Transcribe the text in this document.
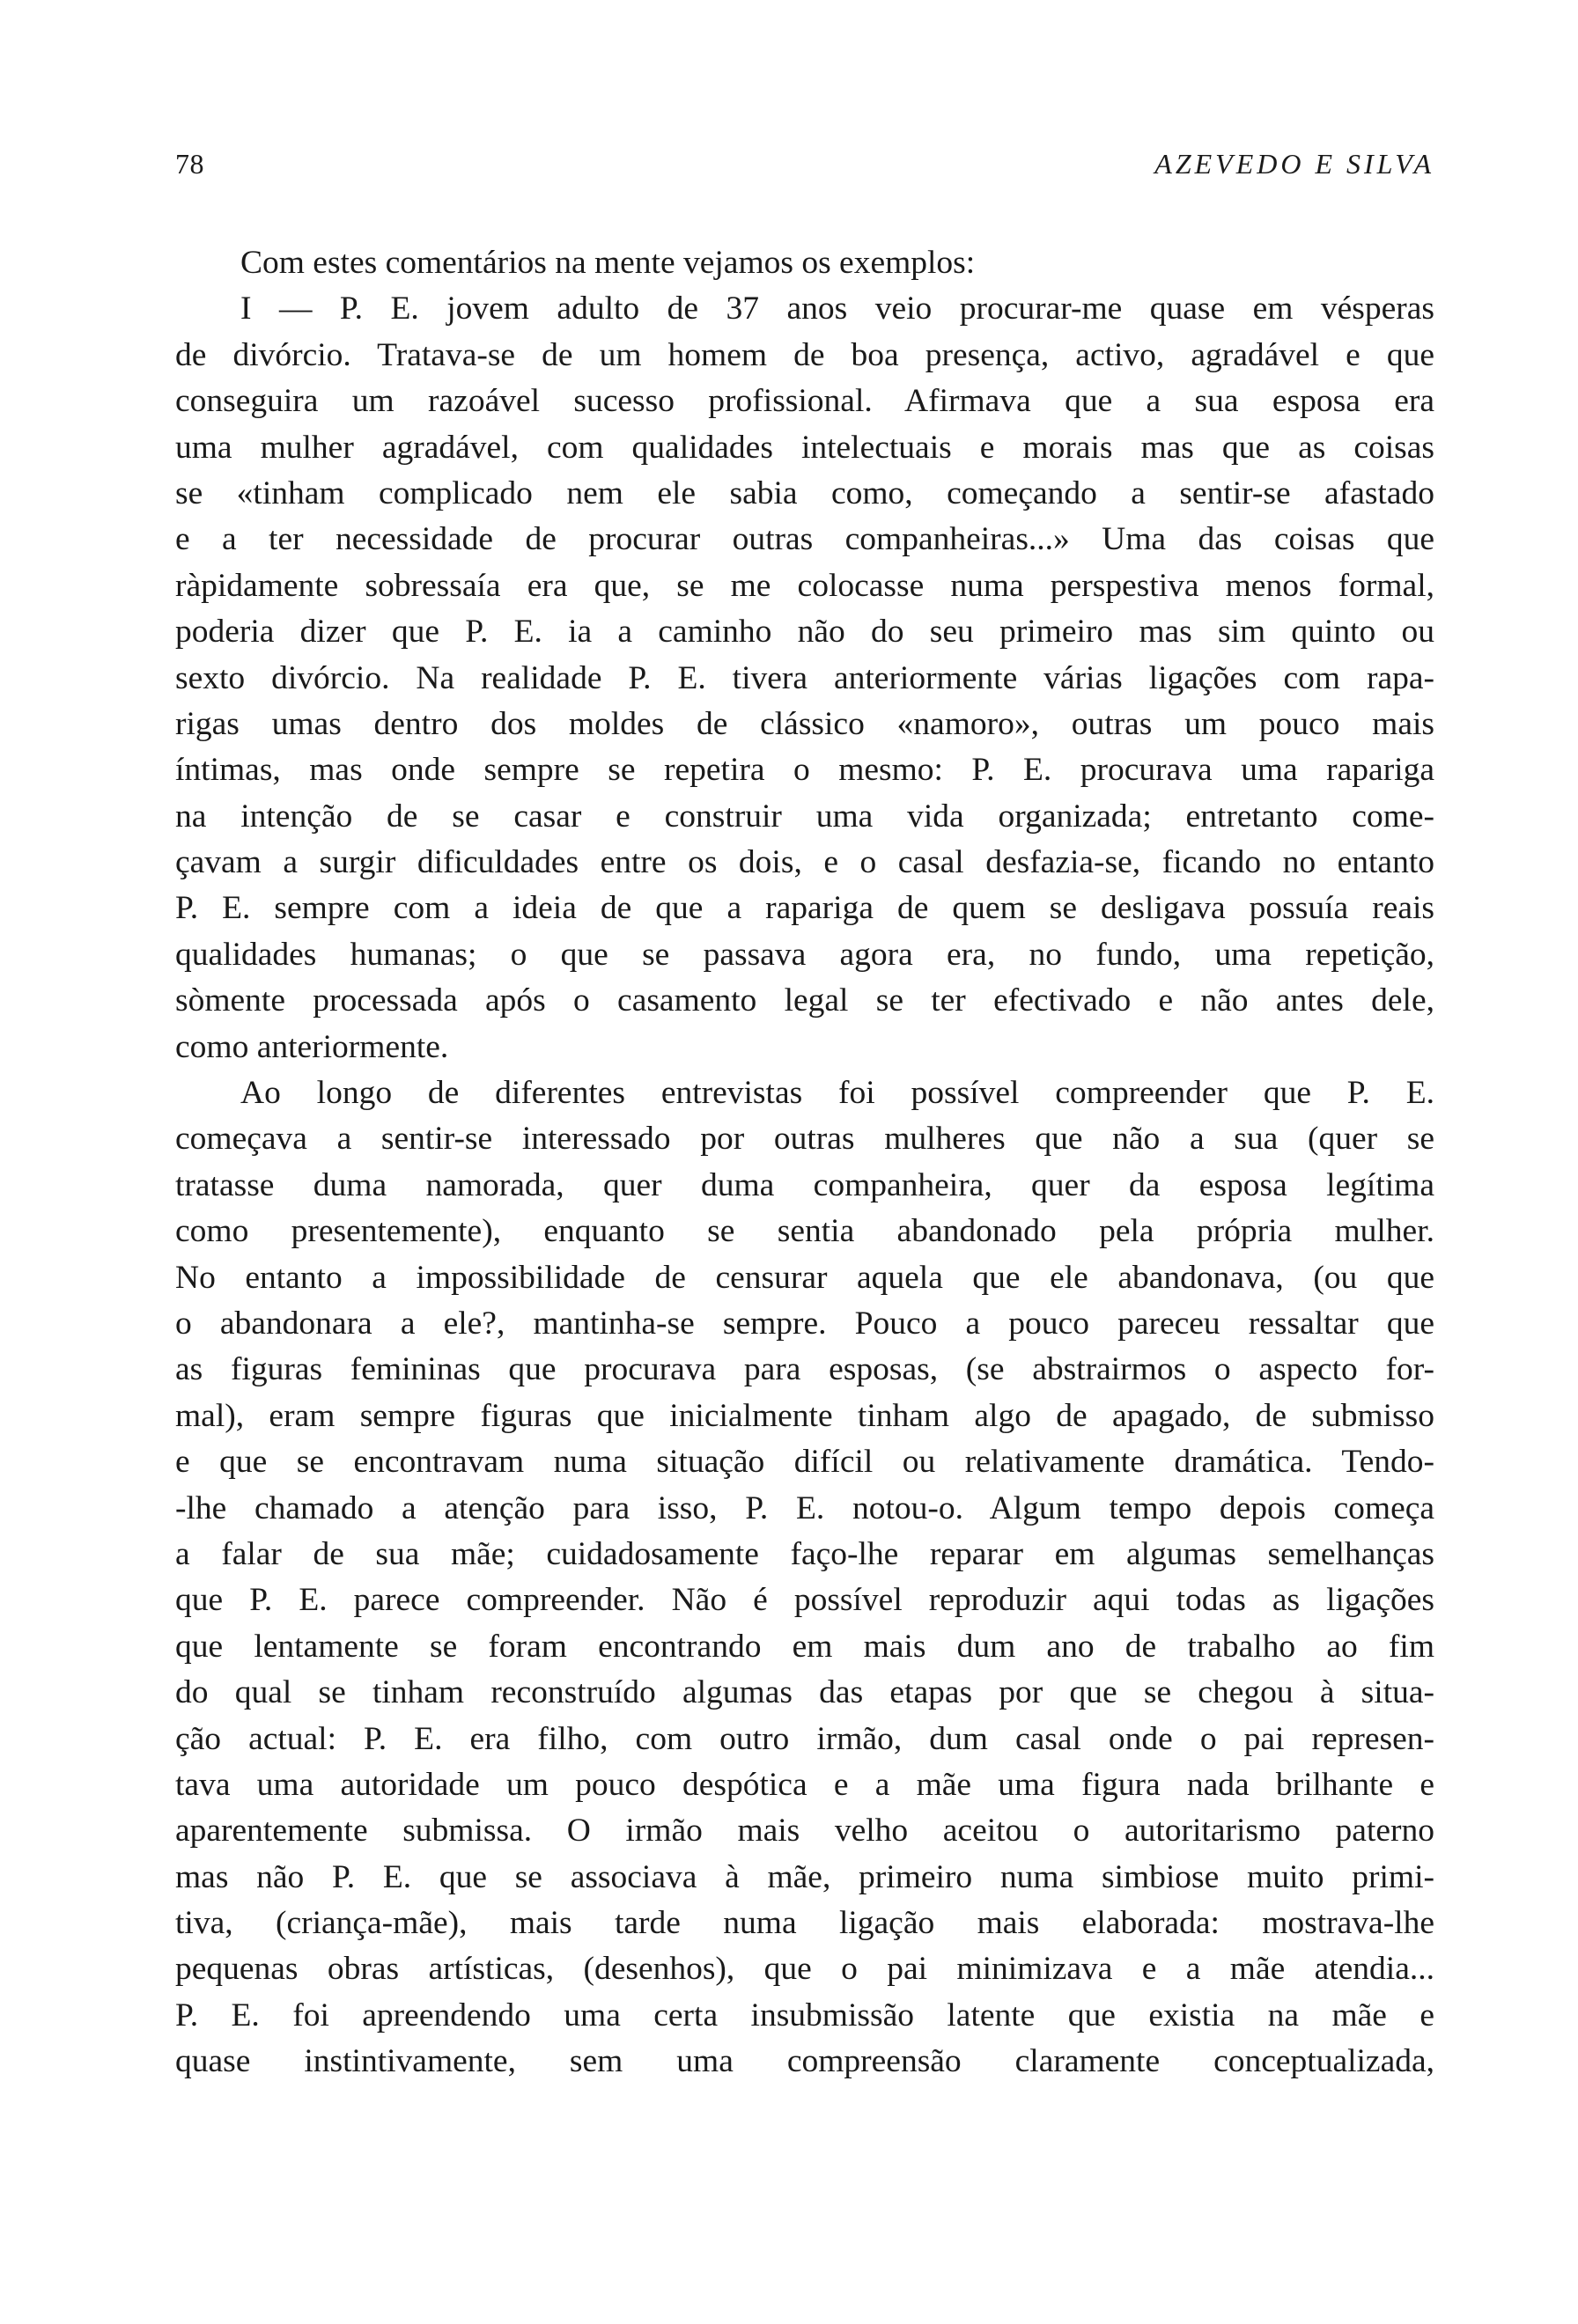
78	AZEVEDO E SILVA
Com estes comentários na mente vejamos os exemplos:
I — P. E. jovem adulto de 37 anos veio procurar-me quase em vésperas
de divórcio. Tratava-se de um homem de boa presença, activo, agradável e que
conseguira um razoável sucesso profissional. Afirmava que a sua esposa era
uma mulher agradável, com qualidades intelectuais e morais mas que as coisas
se «tinham complicado nem ele sabia como, começando a sentir-se afastado
e a ter necessidade de procurar outras companheiras...» Uma das coisas que
ràpidamente sobressaía era que, se me colocasse numa perspestiva menos formal,
poderia dizer que P. E. ia a caminho não do seu primeiro mas sim quinto ou
sexto divórcio. Na realidade P. E. tivera anteriormente várias ligações com rapa-
rigas umas dentro dos moldes de clássico «namoro», outras um pouco mais
íntimas, mas onde sempre se repetira o mesmo: P. E. procurava uma rapariga
na intenção de se casar e construir uma vida organizada; entretanto come-
çavam a surgir dificuldades entre os dois, e o casal desfazia-se, ficando no entanto
P. E. sempre com a ideia de que a rapariga de quem se desligava possuía reais
qualidades humanas; o que se passava agora era, no fundo, uma repetição,
sòmente processada após o casamento legal se ter efectivado e não antes dele,
como anteriormente.
Ao longo de diferentes entrevistas foi possível compreender que P. E.
começava a sentir-se interessado por outras mulheres que não a sua (quer se
tratasse duma namorada, quer duma companheira, quer da esposa legítima
como presentemente), enquanto se sentia abandonado pela própria mulher.
No entanto a impossibilidade de censurar aquela que ele abandonava, (ou que
o abandonara a ele?, mantinha-se sempre. Pouco a pouco pareceu ressaltar que
as figuras femininas que procurava para esposas, (se abstrairmos o aspecto for-
mal), eram sempre figuras que inicialmente tinham algo de apagado, de submisso
e que se encontravam numa situação difícil ou relativamente dramática. Tendo-
-lhe chamado a atenção para isso, P. E. notou-o. Algum tempo depois começa
a falar de sua mãe; cuidadosamente faço-lhe reparar em algumas semelhanças
que P. E. parece compreender. Não é possível reproduzir aqui todas as ligações
que lentamente se foram encontrando em mais dum ano de trabalho ao fim
do qual se tinham reconstruído algumas das etapas por que se chegou à situa-
ção actual: P. E. era filho, com outro irmão, dum casal onde o pai represen-
tava uma autoridade um pouco despótica e a mãe uma figura nada brilhante e
aparentemente submissa. O irmão mais velho aceitou o autoritarismo paterno
mas não P. E. que se associava à mãe, primeiro numa simbiose muito primi-
tiva, (criança-mãe), mais tarde numa ligação mais elaborada: mostrava-lhe
pequenas obras artísticas, (desenhos), que o pai minimizava e a mãe atendia...
P. E. foi apreendendo uma certa insubmissão latente que existia na mãe e
quase instintivamente, sem uma compreensão claramente conceptualizada,
